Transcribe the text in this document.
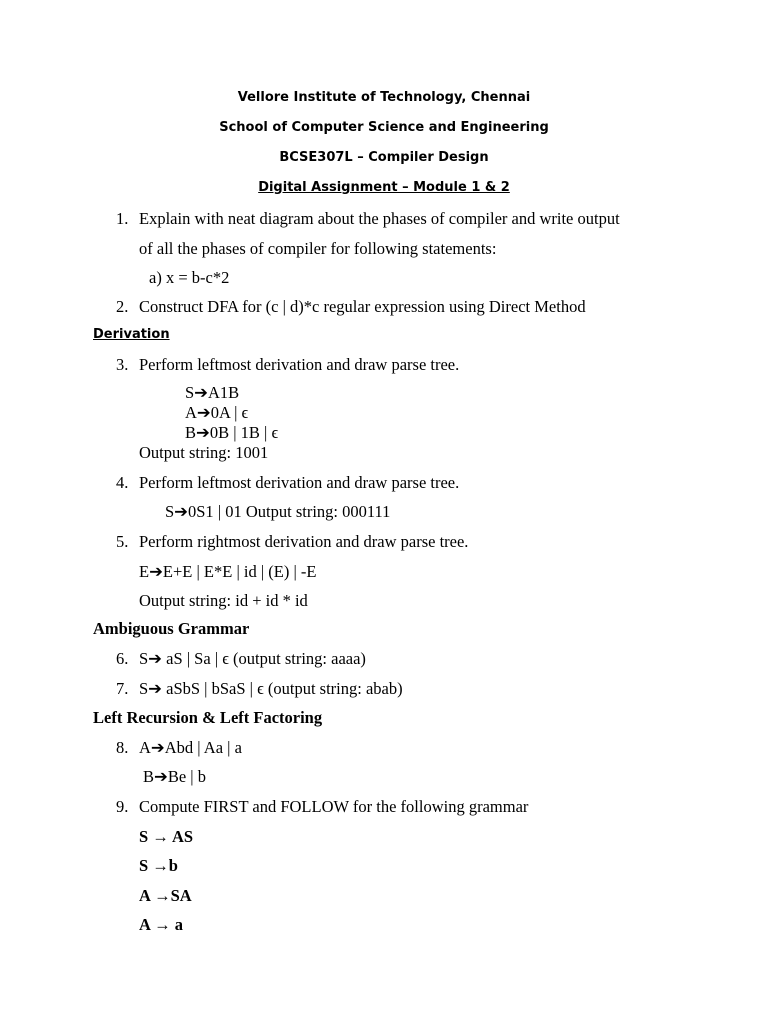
Vellore Institute of Technology, Chennai
School of Computer Science and Engineering
BCSE307L – Compiler Design
Digital Assignment – Module 1 & 2
1. Explain with neat diagram about the phases of compiler and write output
of all the phases of compiler for following statements:
a) x = b-c*2
2. Construct DFA for (c | d)*c regular expression using Direct Method
Derivation
3. Perform leftmost derivation and draw parse tree.
S➔A1B
A➔0A | ϵ
B➔0B | 1B | ϵ
Output string: 1001
4. Perform leftmost derivation and draw parse tree.
S➔0S1 | 01 Output string: 000111
5. Perform rightmost derivation and draw parse tree.
E➔E+E | E*E | id | (E) | -E
Output string: id + id * id
Ambiguous Grammar
6. S➔ aS | Sa | ϵ (output string: aaaa)
7. S➔ aSbS | bSaS | ϵ (output string: abab)
Left Recursion & Left Factoring
8. A➔Abd | Aa | a
B➔Be | b
9. Compute FIRST and FOLLOW for the following grammar
S → AS
S →b
A →SA
A → a
